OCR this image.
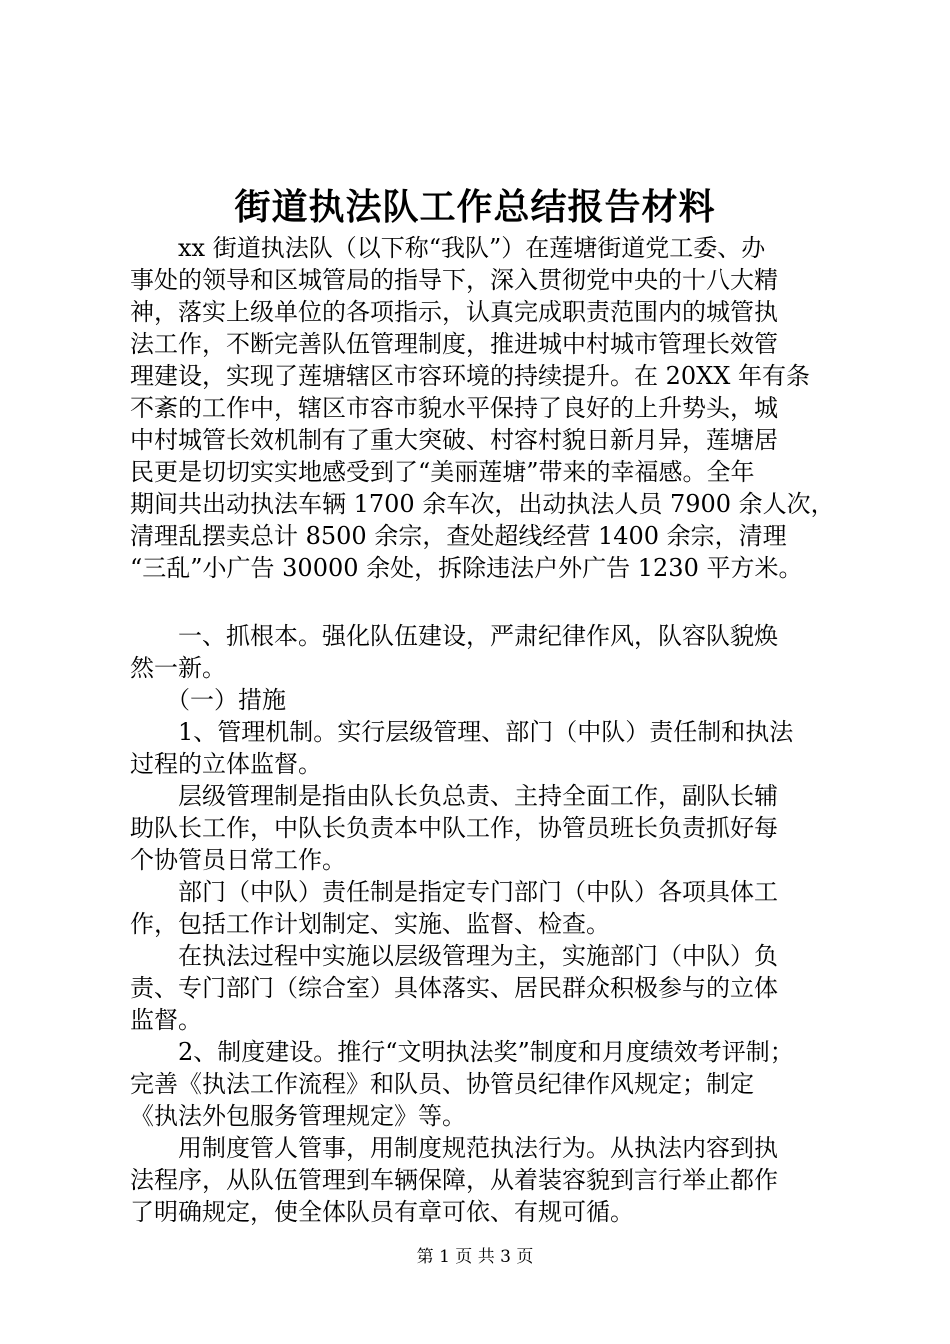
街道执法队工作总结报告材料
　　xx 街道执法队（以下称“我队”）在莲塘街道党工委、办
事处的领导和区城管局的指导下，深入贯彻党中央的十八大精
神，落实上级单位的各项指示，认真完成职责范围内的城管执
法工作，不断完善队伍管理制度，推进城中村城市管理长效管
理建设，实现了莲塘辖区市容环境的持续提升。在 20XX 年有条
不紊的工作中，辖区市容市貌水平保持了良好的上升势头，城
中村城管长效机制有了重大突破、村容村貌日新月异，莲塘居
民更是切切实实地感受到了“美丽莲塘”带来的幸福感。全年
期间共出动执法车辆 1700 余车次，出动执法人员 7900 余人次，
清理乱摆卖总计 8500 余宗，查处超线经营 1400 余宗，清理
“三乱”小广告 30000 余处，拆除违法户外广告 1230 平方米。
　　一、抓根本。强化队伍建设，严肃纪律作风，队容队貌焕
然一新。
　　（一）措施
　　1、管理机制。实行层级管理、部门（中队）责任制和执法
过程的立体监督。
　　层级管理制是指由队长负总责、主持全面工作，副队长辅
助队长工作，中队长负责本中队工作，协管员班长负责抓好每
个协管员日常工作。
　　部门（中队）责任制是指定专门部门（中队）各项具体工
作，包括工作计划制定、实施、监督、检查。
　　在执法过程中实施以层级管理为主，实施部门（中队）负
责、专门部门（综合室）具体落实、居民群众积极参与的立体
监督。
　　2、制度建设。推行“文明执法奖”制度和月度绩效考评制；
完善《执法工作流程》和队员、协管员纪律作风规定；制定
《执法外包服务管理规定》等。
　　用制度管人管事，用制度规范执法行为。从执法内容到执
法程序，从队伍管理到车辆保障，从着装容貌到言行举止都作
了明确规定，使全体队员有章可依、有规可循。
第 1 页 共 3 页
